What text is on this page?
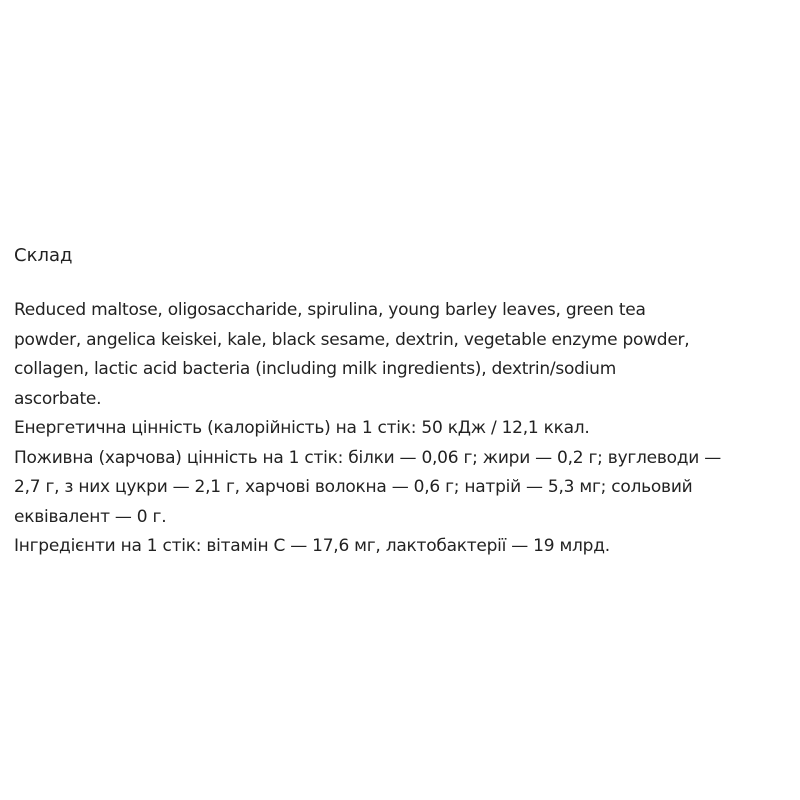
Склад

Reduced maltose, oligosaccharide, spirulina, young barley leaves, green tea

powder, angelica keiskei, kale, black sesame, dextrin, vegetable enzyme powder,

collagen, lactic acid bacteria (including milk ingredients), dextrin/sodium

ascorbate.

Енергетична цінність (калорійність) на 1 стік: 50 кДж / 12,1 ккал.

Поживна (харчова) цінність на 1 стік: білки — 0,06 г; жири — 0,2 г; вуглеводи —

2,7 г, з них цукри — 2,1 г, харчові волокна — 0,6 г; натрій — 5,3 мг; сольовий

еквівалент — 0 г.

Інгредієнти на 1 стік: вітамін С — 17,6 мг, лактобактерії — 19 млрд.
